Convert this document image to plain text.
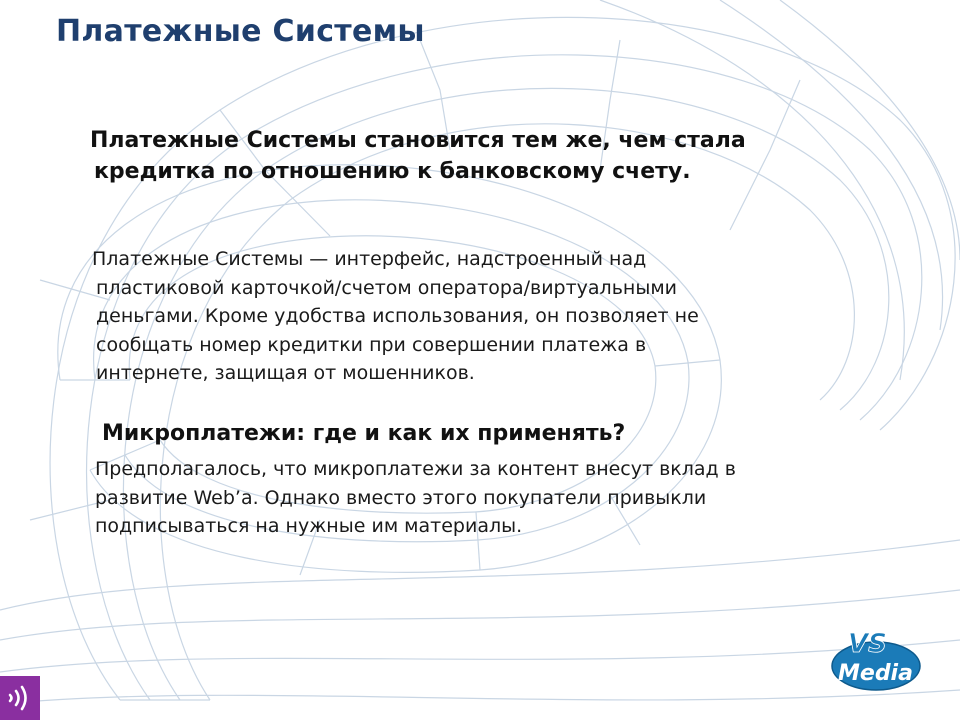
Платежные Системы

Платежные Системы становится тем же, чем стала
кредитка по отношению к банковскому счету.

Платежные Системы — интерфейс, надстроенный над
пластиковой карточкой/счетом оператора/виртуальными
деньгами. Кроме удобства использования, он позволяет не
сообщать номер кредитки при совершении платежа в
интернете, защищая от мошенников.

Микроплатежи: где и как их применять?

Предполагалось, что микроплатежи за контент внесут вклад в
развитие Web’a. Однако вместо этого покупатели привыкли
подписываться на нужные им материалы.

VS
Media
